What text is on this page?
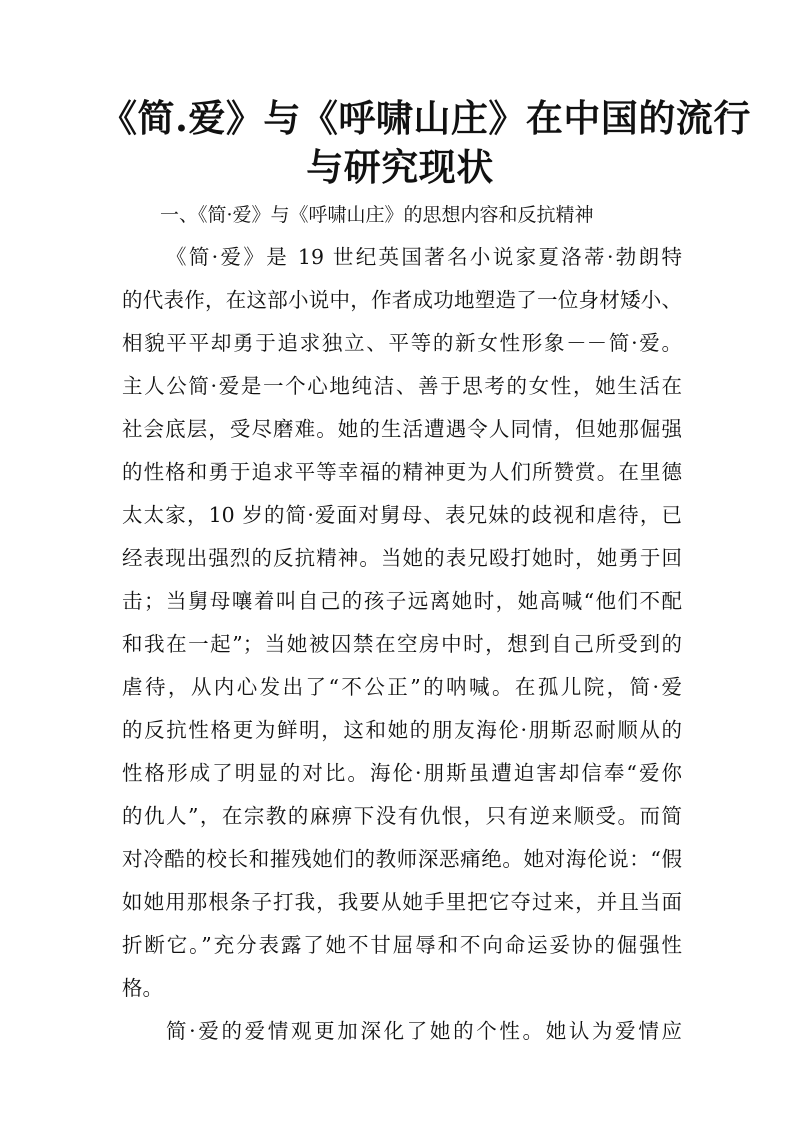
《简.爱》与《呼啸山庄》在中国的流行
与研究现状
一、《简·爱》与《呼啸山庄》的思想内容和反抗精神
《简·爱》是 19 世纪英国著名小说家夏洛蒂·勃朗特
的代表作，在这部小说中，作者成功地塑造了一位身材矮小、
相貌平平却勇于追求独立、平等的新女性形象－－简·爱。
主人公简·爱是一个心地纯洁、善于思考的女性，她生活在
社会底层，受尽磨难。她的生活遭遇令人同情，但她那倔强
的性格和勇于追求平等幸福的精神更为人们所赞赏。在里德
太太家，10 岁的简·爱面对舅母、表兄妹的歧视和虐待，已
经表现出强烈的反抗精神。当她的表兄殴打她时，她勇于回
击；当舅母嚷着叫自己的孩子远离她时，她高喊“他们不配
和我在一起”；当她被囚禁在空房中时，想到自己所受到的
虐待，从内心发出了“不公正”的呐喊。在孤儿院，简·爱
的反抗性格更为鲜明，这和她的朋友海伦·朋斯忍耐顺从的
性格形成了明显的对比。海伦·朋斯虽遭迫害却信奉“爱你
的仇人”，在宗教的麻痹下没有仇恨，只有逆来顺受。而简
对冷酷的校长和摧残她们的教师深恶痛绝。她对海伦说：“假
如她用那根条子打我，我要从她手里把它夺过来，并且当面
折断它。”充分表露了她不甘屈辱和不向命运妥协的倔强性
格。
简·爱的爱情观更加深化了她的个性。她认为爱情应
